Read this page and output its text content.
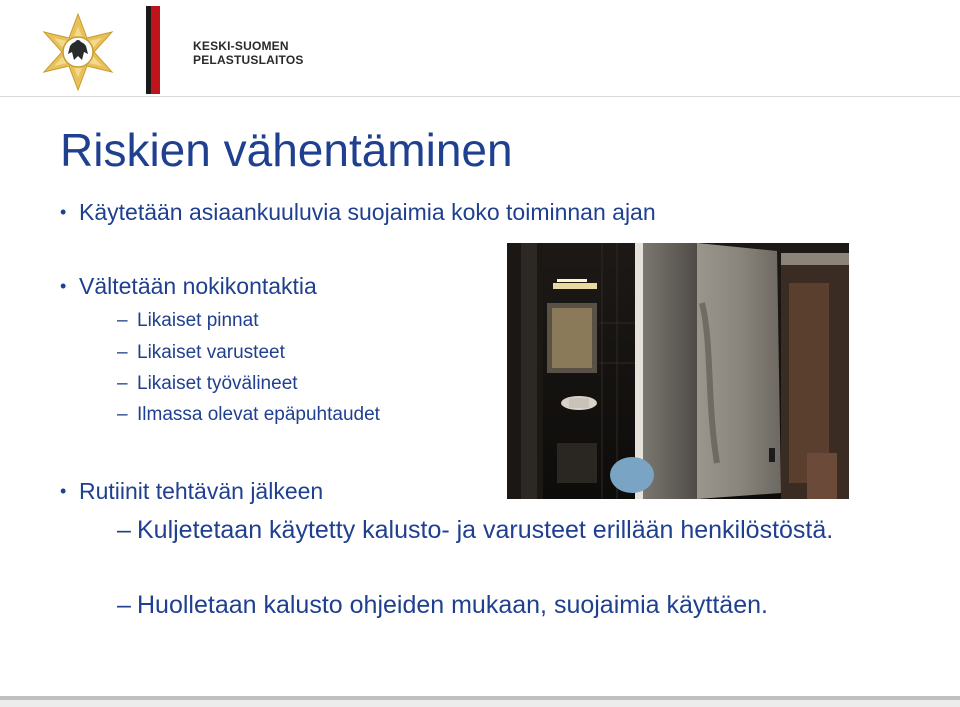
KESKI-SUOMEN
PELASTUSLAITOS
Riskien vähentäminen
• Käytetään asiaankuuluvia suojaimia koko toiminnan ajan
• Vältetään nokikontaktia
– Likaiset pinnat
– Likaiset varusteet
– Likaiset työvälineet
– Ilmassa olevat epäpuhtaudet
• Rutiinit tehtävän jälkeen
– Kuljetetaan käytetty kalusto- ja varusteet erillään henkilöstöstä.
– Huolletaan kalusto ohjeiden mukaan, suojaimia käyttäen.
